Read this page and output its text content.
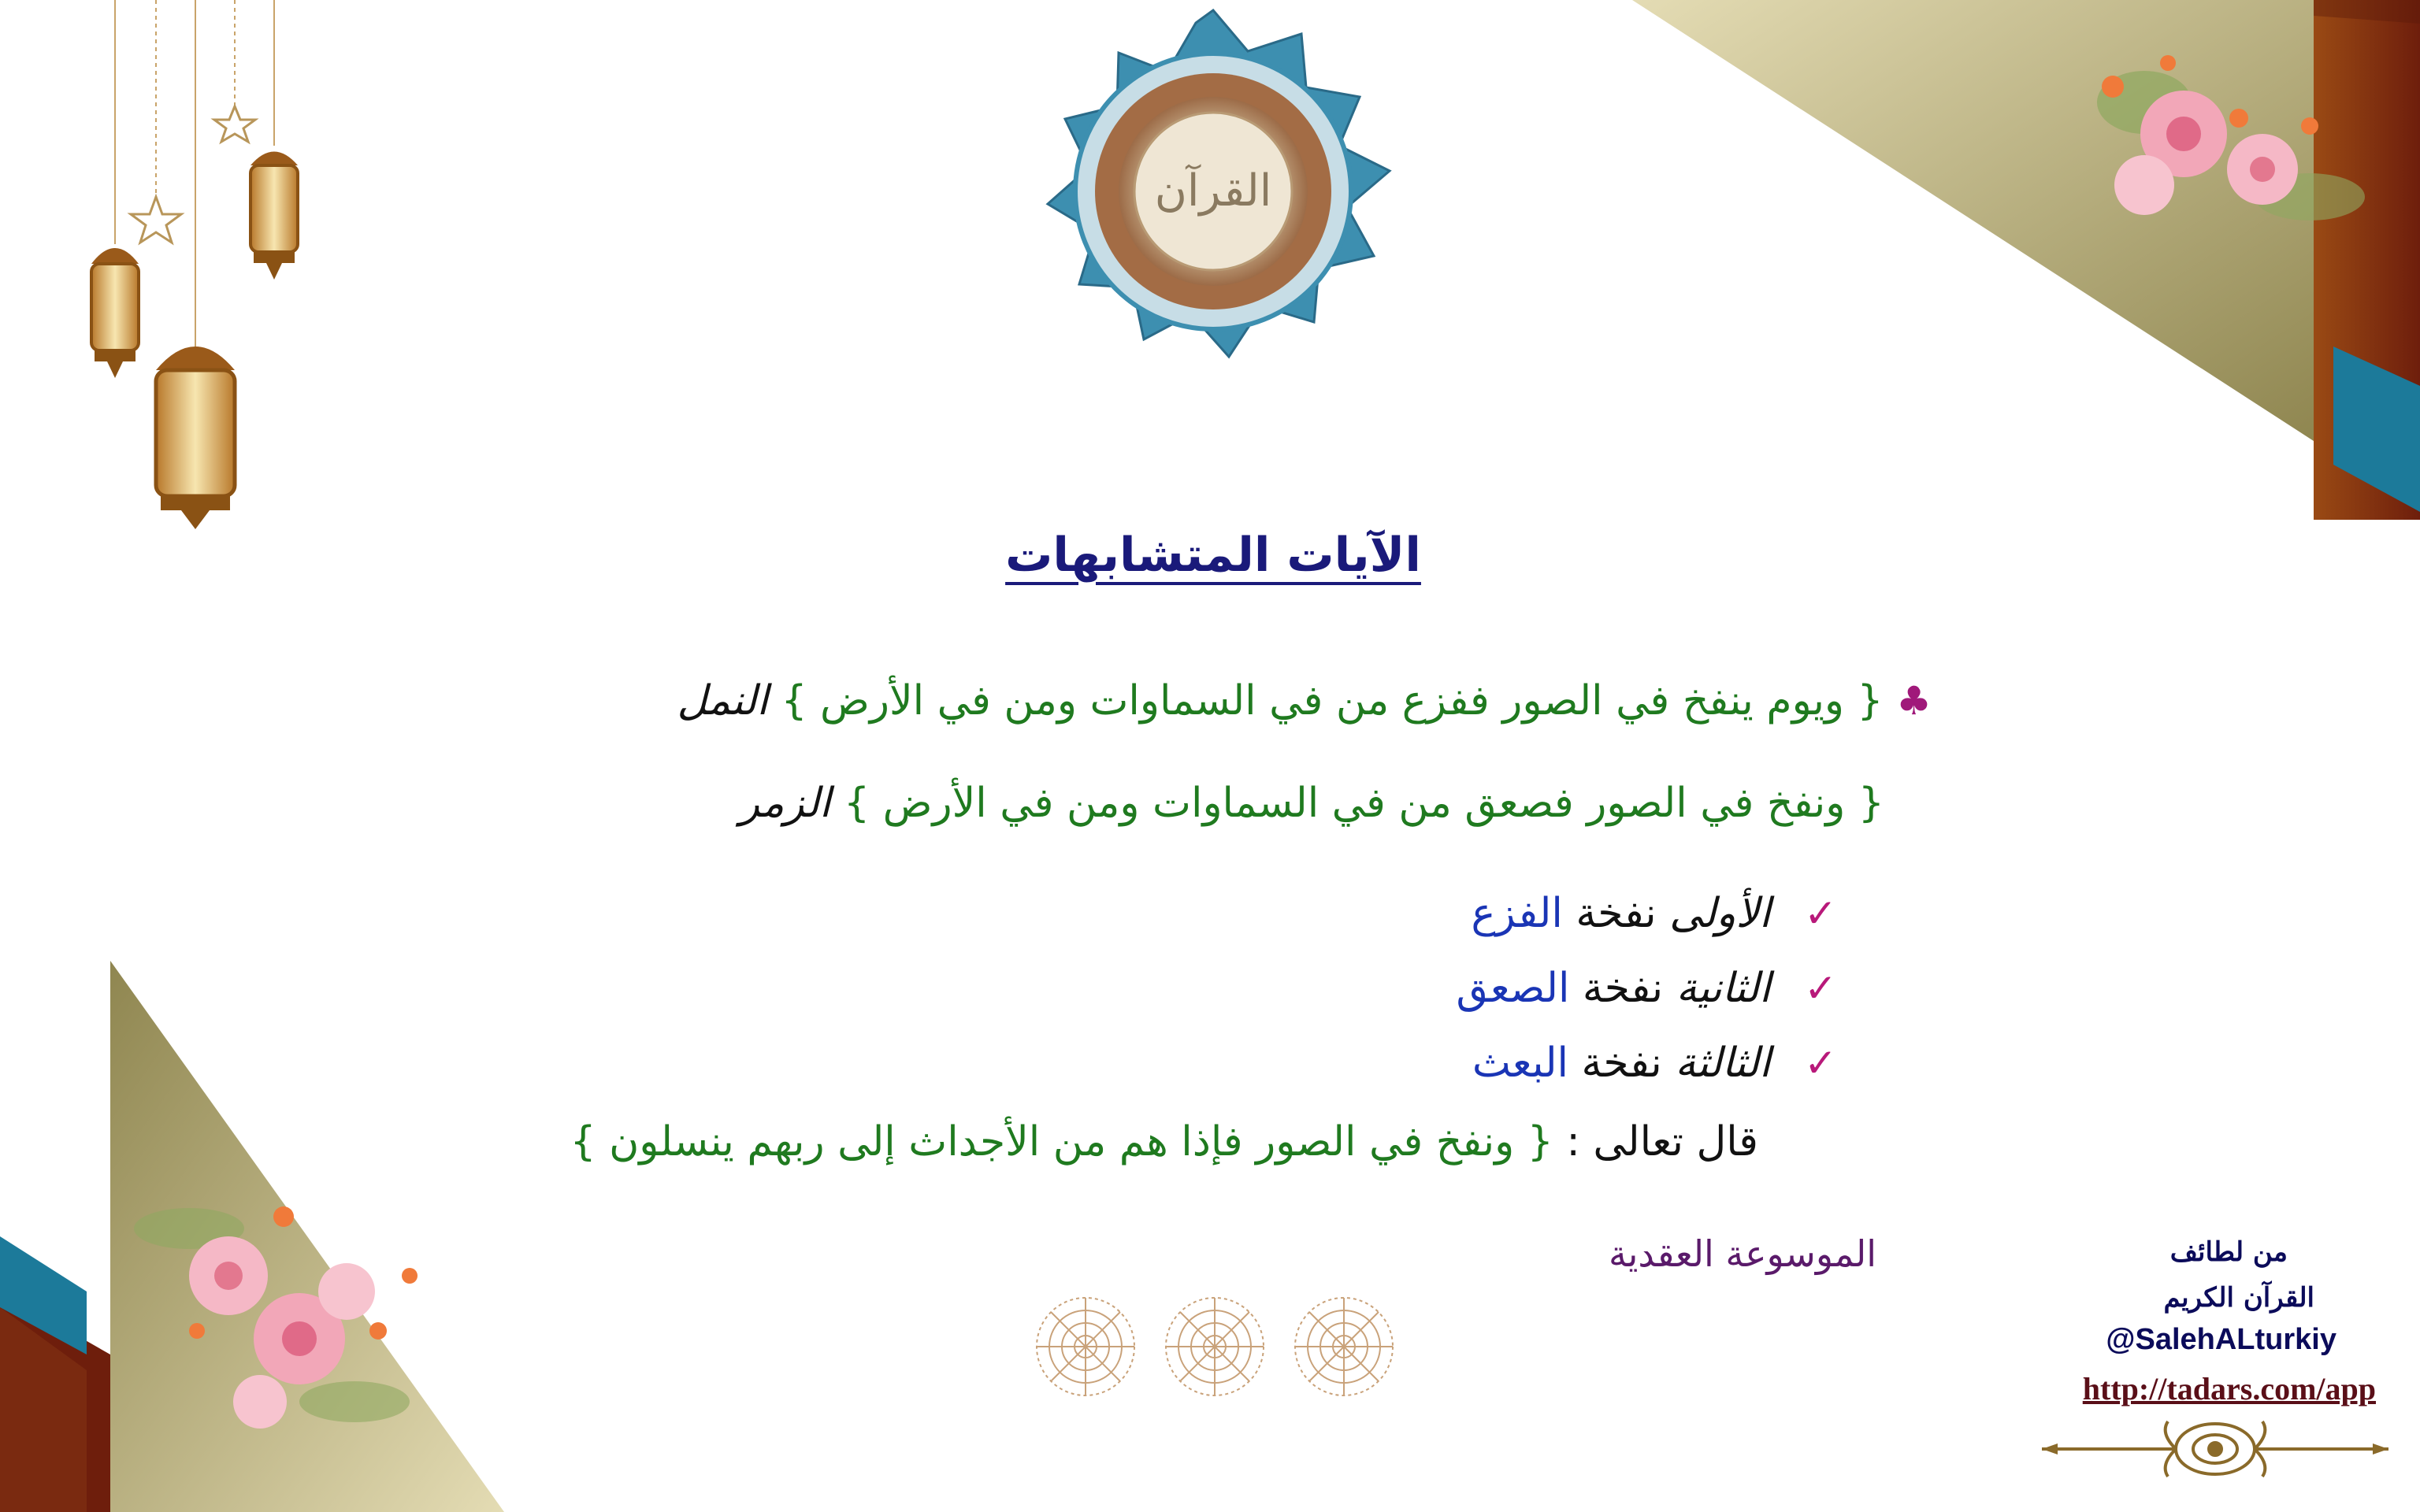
القرآن
الآيات المتشابهات
♣ { ويوم ينفخ في الصور ففزع من في السماوات ومن في الأرض } النمل
{ ونفخ في الصور فصعق من في السماوات ومن في الأرض } الزمر
✓ الأولى نفخة الفزع
✓ الثانية نفخة الصعق
✓ الثالثة نفخة البعث
قال تعالى : { ونفخ في الصور فإذا هم من الأجداث إلى ربهم ينسلون }
الموسوعة العقدية	من لطائف
القرآن الكريم
@SalehALturkiy
http://tadars.com/app
